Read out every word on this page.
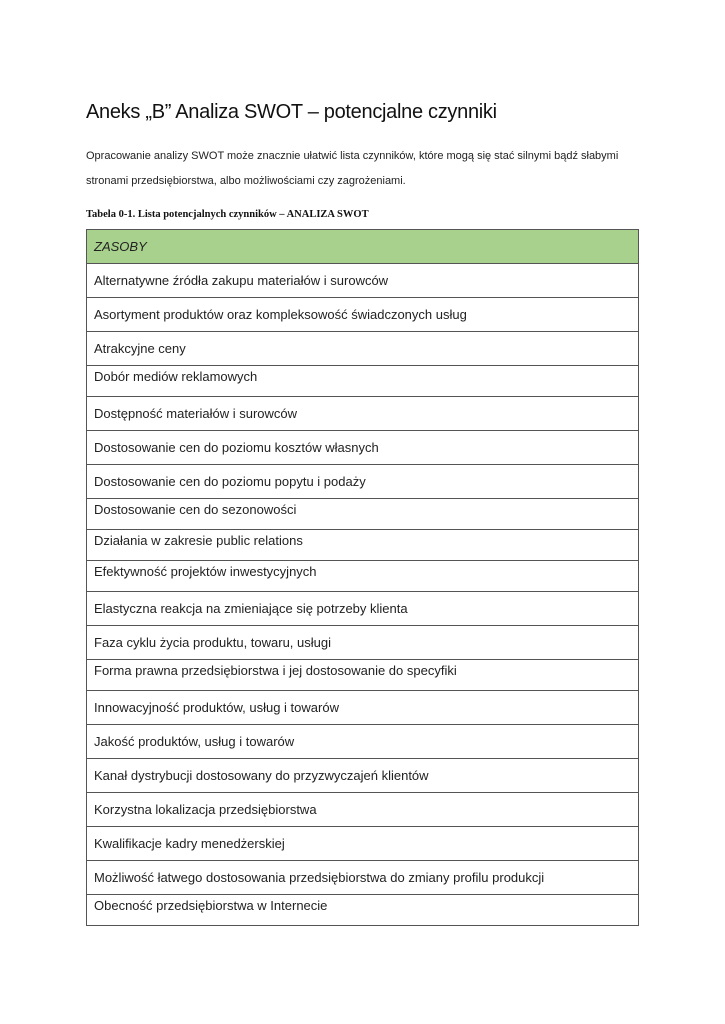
Aneks „B” Analiza SWOT – potencjalne czynniki

Opracowanie analizy SWOT może znacznie ułatwić lista czynników, które mogą się stać silnymi bądź słabymi stronami przedsiębiorstwa, albo możliwościami czy zagrożeniami.

Tabela 0-1. Lista potencjalnych czynników – ANALIZA SWOT

ZASOBY
Alternatywne źródła zakupu materiałów i surowców
Asortyment produktów oraz kompleksowość świadczonych usług
Atrakcyjne ceny
Dobór mediów reklamowych
Dostępność materiałów i surowców
Dostosowanie cen do poziomu kosztów własnych
Dostosowanie cen do poziomu popytu i podaży
Dostosowanie cen do sezonowości
Działania w zakresie public relations
Efektywność projektów inwestycyjnych
Elastyczna reakcja na zmieniające się potrzeby klienta
Faza cyklu życia produktu, towaru, usługi
Forma prawna przedsiębiorstwa i jej dostosowanie do specyfiki
Innowacyjność produktów, usług i towarów
Jakość produktów, usług i towarów
Kanał dystrybucji dostosowany do przyzwyczajeń klientów
Korzystna lokalizacja przedsiębiorstwa
Kwalifikacje kadry menedżerskiej
Możliwość łatwego dostosowania przedsiębiorstwa do zmiany profilu produkcji
Obecność przedsiębiorstwa w Internecie
